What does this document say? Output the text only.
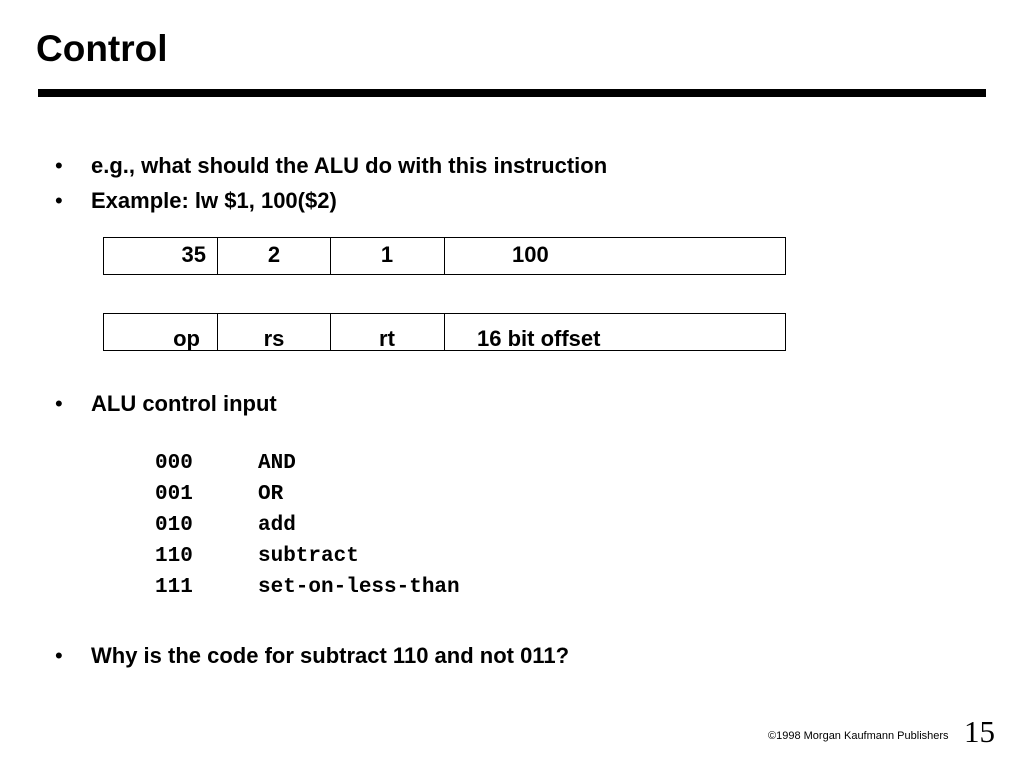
Control
• e.g., what should the ALU do with this instruction
• Example: lw $1, 100($2)
35	2	1	100
op	rs	rt	16 bit offset
• ALU control input
000	AND
001	OR
010	add
110	subtract
111	set-on-less-than
• Why is the code for subtract 110 and not 011?
©1998 Morgan Kaufmann Publishers 15
